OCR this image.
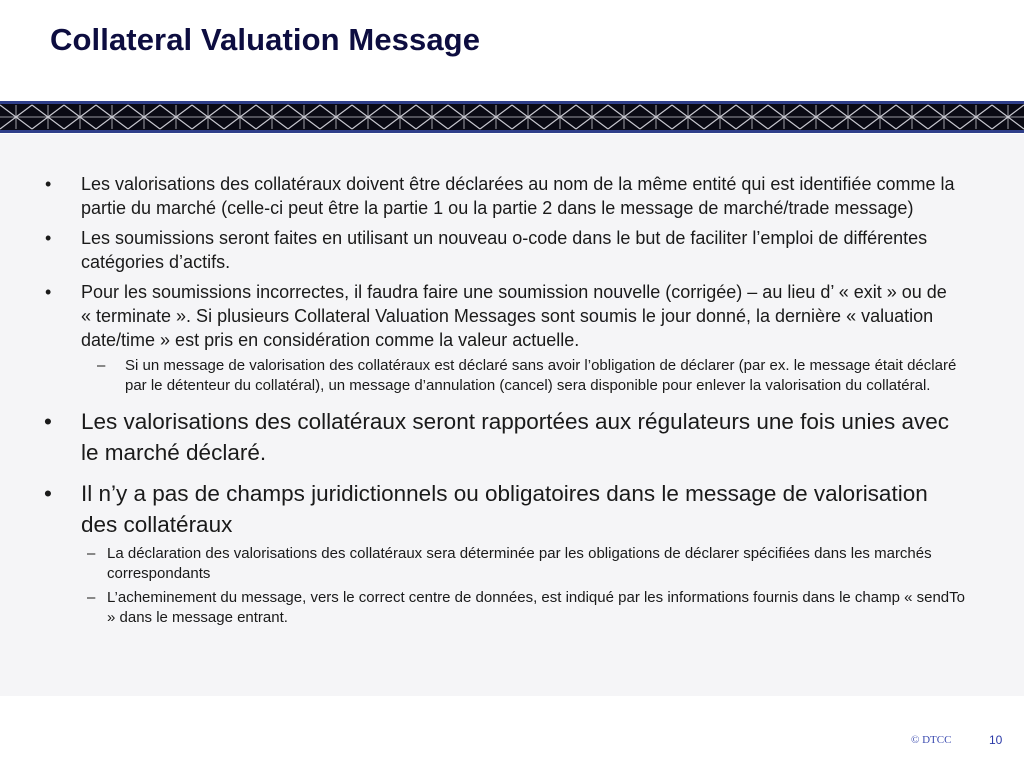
Collateral Valuation Message
• Les valorisations des collatéraux doivent être déclarées au nom de la même entité qui est identifiée comme la partie du marché (celle-ci peut être la partie 1 ou la partie 2 dans le message de marché/trade message)
• Les soumissions seront faites en utilisant un nouveau o-code dans le but de faciliter l’emploi de différentes catégories d’actifs.
• Pour les soumissions incorrectes, il faudra faire une soumission nouvelle (corrigée) – au lieu d’ « exit » ou de « terminate ». Si plusieurs Collateral Valuation Messages sont soumis le jour donné, la dernière « valuation date/time » est pris en considération comme la valeur actuelle.
– Si un message de valorisation des collatéraux est déclaré sans avoir l’obligation de déclarer (par ex. le message était déclaré par le détenteur du collatéral), un message d’annulation (cancel) sera disponible pour enlever la valorisation du collatéral.
• Les valorisations des collatéraux seront rapportées aux régulateurs une fois unies avec le marché déclaré.
• Il n’y a pas de champs juridictionnels ou obligatoires dans le message de valorisation des collatéraux
– La déclaration des valorisations des collatéraux sera déterminée par les obligations de déclarer spécifiées dans les marchés correspondants
– L’acheminement du message, vers le correct centre de données, est indiqué par les informations fournis dans le champ « sendTo » dans le message entrant.
© DTCC	10
